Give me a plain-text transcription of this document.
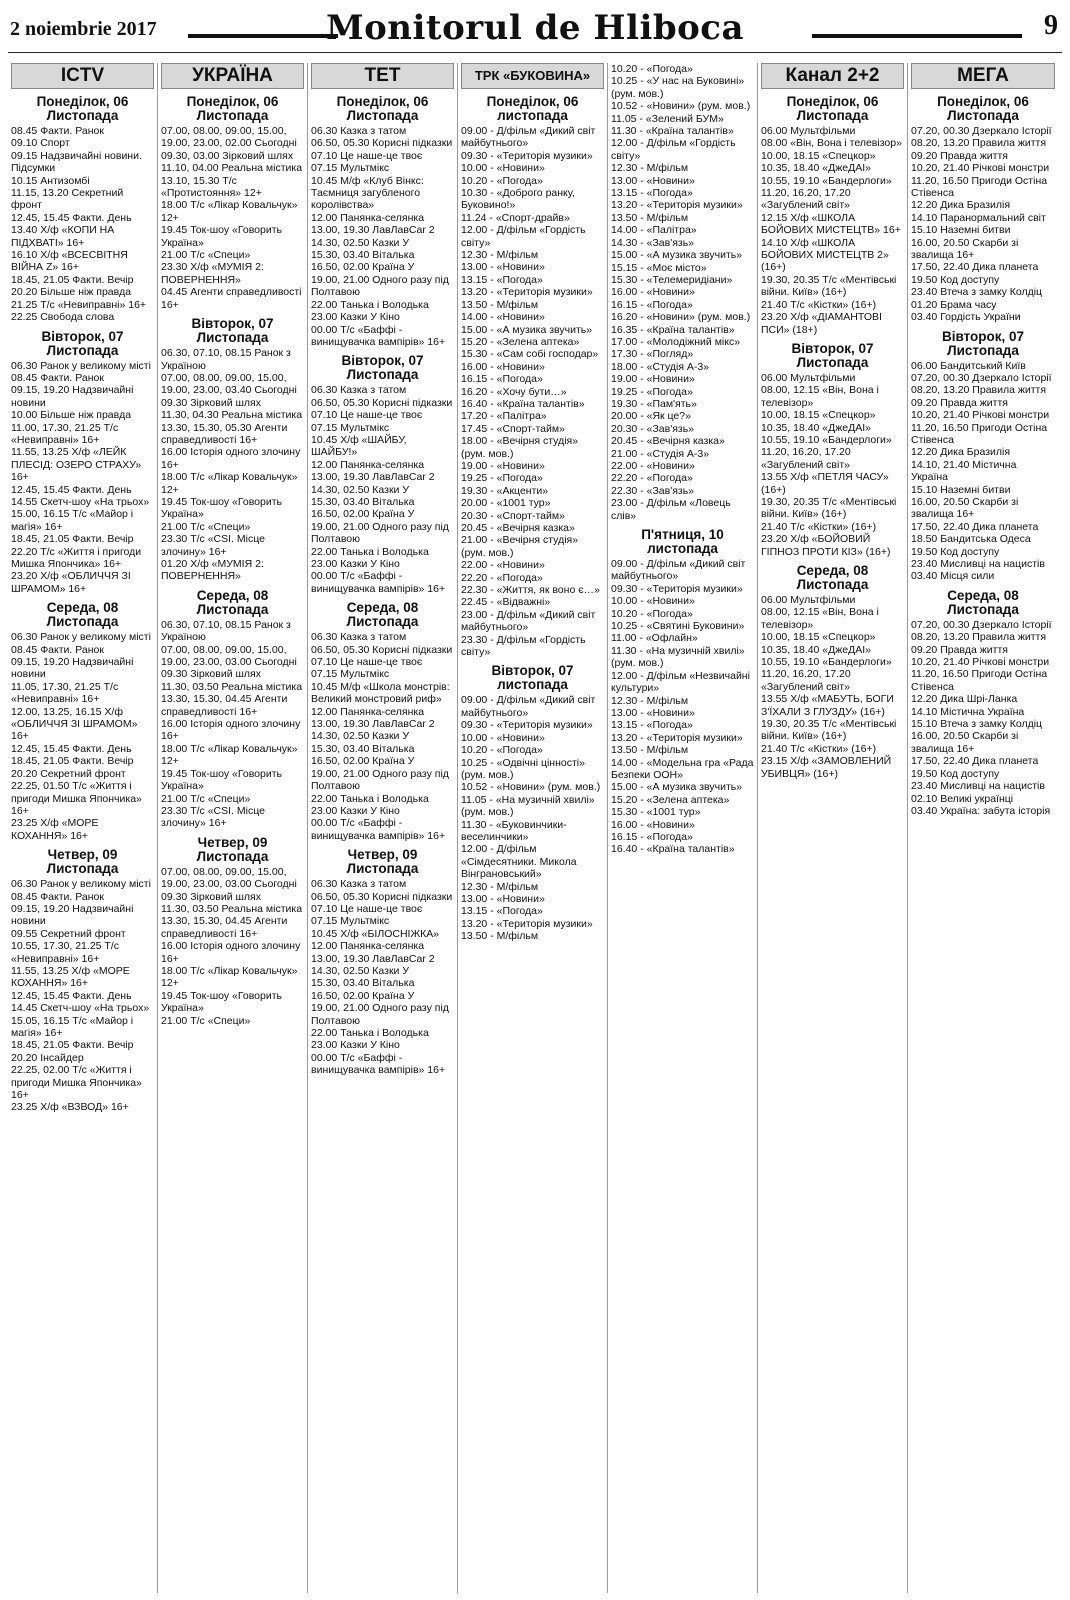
2 noiembrie 2017	Monitorul de Hliboca	9
ICTV
Понеділок, 06 Листопада

08.45 Факти. Ранок

09.10 Спорт

09.15 Надзвичайні новини. Підсумки

10.15 Антизомбі

11.15, 13.20 Секретний фронт

12.45, 15.45 Факти. День

13.40 Х/ф «КОПИ НА ПІДХВАТІ» 16+

16.10 Х/ф «ВСЕСВІТНЯ ВІЙНА Z» 16+

18.45, 21.05 Факти. Вечір

20.20 Більше ніж правда

21.25 Т/с «Невиправні» 16+

22.25 Свобода слова

Вівторок, 07 Листопада

06.30 Ранок у великому місті

08.45 Факти. Ранок

09.15, 19.20 Надзвичайні новини

10.00 Більше ніж правда

11.00, 17.30, 21.25 Т/с «Невиправні» 16+

11.55, 13.25 Х/ф «ЛЕЙК ПЛЕСІД: ОЗЕРО СТРАХУ» 16+

12.45, 15.45 Факти. День

14.55 Скетч-шоу «На трьох»

15.00, 16.15 Т/с «Майор і магія» 16+

18.45, 21.05 Факти. Вечір

22.20 Т/с «Життя і пригоди Мишка Япончика» 16+

23.20 Х/ф «ОБЛИЧЧЯ ЗІ ШРАМОМ» 16+

Середа, 08 Листопада

06.30 Ранок у великому місті

08.45 Факти. Ранок

09.15, 19.20 Надзвичайні новини

11.05, 17.30, 21.25 Т/с «Невиправні» 16+

12.00, 13.25, 16.15 Х/ф «ОБЛИЧЧЯ ЗІ ШРАМОМ» 16+

12.45, 15.45 Факти. День

18.45, 21.05 Факти. Вечір

20.20 Секретний фронт

22.25, 01.50 Т/с «Життя і пригоди Мишка Япончика» 16+

23.25 Х/ф «МОРЕ КОХАННЯ» 16+

Четвер, 09 Листопада

06.30 Ранок у великому місті

08.45 Факти. Ранок

09.15, 19.20 Надзвичайні новини

09.55 Секретний фронт

10.55, 17.30, 21.25 Т/с «Невиправні» 16+

11.55, 13.25 Х/ф «МОРЕ КОХАННЯ» 16+

12.45, 15.45 Факти. День

14.45 Скетч-шоу «На трьох»

15.05, 16.15 Т/с «Майор і магія» 16+

18.45, 21.05 Факти. Вечір

20.20 Інсайдер

22.25, 02.00 Т/с «Життя і пригоди Мишка Япончика» 16+

23.25 Х/ф «ВЗВОД» 16+

УКРАЇНА
Понеділок, 06 Листопада

07.00, 08.00, 09.00, 15.00, 19.00, 23.00, 02.00 Сьогодні

09.30, 03.00 Зірковий шлях

11.10, 04.00 Реальна містика

13.10, 15.30 Т/с «Протистояння» 12+

18.00 Т/с «Лікар Ковальчук» 12+

19.45 Ток-шоу «Говорить Україна»

21.00 Т/с «Специ»

23.30 Х/ф «МУМІЯ 2: ПОВЕРНЕННЯ»

04.45 Агенти справедливості 16+

Вівторок, 07 Листопада

06.30, 07.10, 08.15 Ранок з Україною

07.00, 08.00, 09.00, 15.00, 19.00, 23.00, 03.40 Сьогодні

09.30 Зірковий шлях

11.30, 04.30 Реальна містика

13.30, 15.30, 05.30 Агенти справедливості 16+

16.00 Історія одного злочину 16+

18.00 Т/с «Лікар Ковальчук» 12+

19.45 Ток-шоу «Говорить Україна»

21.00 Т/с «Специ»

23.30 Т/с «CSI. Місце злочину» 16+

01.20 Х/ф «МУМІЯ 2: ПОВЕРНЕННЯ»

Середа, 08 Листопада

06.30, 07.10, 08.15 Ранок з Україною

07.00, 08.00, 09.00, 15.00, 19.00, 23.00, 03.00 Сьогодні

09.30 Зірковий шлях

11.30, 03.50 Реальна містика

13.30, 15.30, 04.45 Агенти справедливості 16+

16.00 Історія одного злочину 16+

18.00 Т/с «Лікар Ковальчук» 12+

19.45 Ток-шоу «Говорить Україна»

21.00 Т/с «Специ»

23.30 Т/с «CSI. Місце злочину» 16+

Четвер, 09 Листопада

07.00, 08.00, 09.00, 15.00, 19.00, 23.00, 03.00 Сьогодні

09.30 Зірковий шлях

11.30, 03.50 Реальна містика

13.30, 15.30, 04.45 Агенти справедливості 16+

16.00 Історія одного злочину 16+

18.00 Т/с «Лікар Ковальчук» 12+

19.45 Ток-шоу «Говорить Україна»

21.00 Т/с «Специ»

ТЕТ
Понеділок, 06 Листопада

06.30 Казка з татом

06.50, 05.30 Корисні підказки

07.10 Це наше-це твоє

07.15 Мультмікс

10.45 М/ф «Клуб Вінкс: Таємниця загубленого королівства»

12.00 Панянка-селянка

13.00, 19.30 ЛавЛавCar 2

14.30, 02.50 Казки У

15.30, 03.40 Віталька

16.50, 02.00 Країна У

19.00, 21.00 Одного разу під Полтавою

22.00 Танька і Володька

23.00 Казки У Кіно

00.00 Т/с «Баффі - винищувачка вампірів» 16+

Вівторок, 07 Листопада

06.30 Казка з татом

06.50, 05.30 Корисні підказки

07.10 Це наше-це твоє

07.15 Мультмікс

10.45 Х/ф «ШАЙБУ, ШАЙБУ!»

12.00 Панянка-селянка

13.00, 19.30 ЛавЛавCar 2

14.30, 02.50 Казки У

15.30, 03.40 Віталька

16.50, 02.00 Країна У

19.00, 21.00 Одного разу під Полтавою

22.00 Танька і Володька

23.00 Казки У Кіно

00.00 Т/с «Баффі - винищувачка вампірів» 16+

Середа, 08 Листопада

06.30 Казка з татом

06.50, 05.30 Корисні підказки

07.10 Це наше-це твоє

07.15 Мультмікс

10.45 М/ф «Школа монстрів: Великий монстровий риф»

12.00 Панянка-селянка

13.00, 19.30 ЛавЛавCar 2

14.30, 02.50 Казки У

15.30, 03.40 Віталька

16.50, 02.00 Країна У

19.00, 21.00 Одного разу під Полтавою

22.00 Танька і Володька

23.00 Казки У Кіно

00.00 Т/с «Баффі - винищувачка вампірів» 16+

Четвер, 09 Листопада

06.30 Казка з татом

06.50, 05.30 Корисні підказки

07.10 Це наше-це твоє

07.15 Мультмікс

10.45 Х/ф «БІЛОСНІЖКА»

12.00 Панянка-селянка

13.00, 19.30 ЛавЛавCar 2

14.30, 02.50 Казки У

15.30, 03.40 Віталька

16.50, 02.00 Країна У

19.00, 21.00 Одного разу під Полтавою

22.00 Танька і Володька

23.00 Казки У Кіно

00.00 Т/с «Баффі - винищувачка вампірів» 16+

ТРК «БУКОВИНА»
Понеділок, 06 листопада

09.00 - Д/фільм «Дикий світ майбутнього»

09.30 - «Територія музики»

10.00 - «Новини»

10.20 - «Погода»

10.30 - «Доброго ранку, Буковино!»

11.24 - «Спорт-драйв»

12.00 - Д/фільм «Гордість світу»

12.30 - М/фільм

13.00 - «Новини»

13.15 - «Погода»

13.20 - «Територія музики»

13.50 - М/фільм

14.00 - «Новини»

15.00 - «А музика звучить»

15.20 - «Зелена аптека»

15.30 - «Сам собі господар»

16.00 - «Новини»

16.15 - «Погода»

16.20 - «Хочу бути…»

16.40 - «Країна талантів»

17.20 - «Палітра»

17.45 - «Спорт-тайм»

18.00 - «Вечірня студія» (рум. мов.)

19.00 - «Новини»

19.25 - «Погода»

19.30 - «Акценти»

20.00 - «1001 тур»

20.30 - «Спорт-тайм»

20.45 - «Вечірня казка»

21.00 - «Вечірня студія» (рум. мов.)

22.00 - «Новини»

22.20 - «Погода»

22.30 - «Життя, як воно є…»

22.45 - «Відважні»

23.00 - Д/фільм «Дикий світ майбутнього»

23.30 - Д/фільм «Гордість світу»

Вівторок, 07 листопада

09.00 - Д/фільм «Дикий світ майбутнього»

09.30 - «Територія музики»

10.00 - «Новини»

10.20 - «Погода»

10.25 - «Одвічні цінності» (рум. мов.)

10.52 - «Новини» (рум. мов.)

11.05 - «На музичній хвилі» (рум. мов.)

11.30 - «Буковинчики-веселинчики»

12.00 - Д/фільм «Сімдесятники. Микола Вінграновський»

12.30 - М/фільм

13.00 - «Новини»

13.15 - «Погода»

13.20 - «Територія музики»

13.50 - М/фільм

10.20 - «Погода»

10.25 - «У нас на Буковині» (рум. мов.)

10.52 - «Новини» (рум. мов.)

11.05 - «Зелений БУМ»

11.30 - «Країна талантів»

12.00 - Д/фільм «Гордість світу»

12.30 - М/фільм

13.00 - «Новини»

13.15 - «Погода»

13.20 - «Територія музики»

13.50 - М/фільм

14.00 - «Палітра»

14.30 - «Зав'язь»

15.00 - «А музика звучить»

15.15 - «Моє місто»

15.30 - «Телемеридіани»

16.00 - «Новини»

16.15 - «Погода»

16.20 - «Новини» (рум. мов.)

16.35 - «Країна талантів»

17.00 - «Молодіжний мікс»

17.30 - «Погляд»

18.00 - «Студія А-3»

19.00 - «Новини»

19.25 - «Погода»

19.30 - «Пам'ять»

20.00 - «Як це?»

20.30 - «Зав'язь»

20.45 - «Вечірня казка»

21.00 - «Студія А-3»

22.00 - «Новини»

22.20 - «Погода»

22.30 - «Зав'язь»

23.00 - Д/фільм «Ловець слів»

П'ятниця, 10 листопада

09.00 - Д/фільм «Дикий світ майбутнього»

09.30 - «Територія музики»

10.00 - «Новини»

10.20 - «Погода»

10.25 - «Святині Буковини»

11.00 - «Офлайн»

11.30 - «На музичній хвилі» (рум. мов.)

12.00 - Д/фільм «Незвичайні культури»

12.30 - М/фільм

13.00 - «Новини»

13.15 - «Погода»

13.20 - «Територія музики»

13.50 - М/фільм

14.00 - «Модельна гра «Рада Безпеки ООН»

15.00 - «А музика звучить»

15.20 - «Зелена аптека»

15.30 - «1001 тур»

16.00 - «Новини»

16.15 - «Погода»

16.40 - «Країна талантів»

Канал 2+2
Понеділок, 06 Листопада

06.00 Мультфільми

08.00 «Він, Вона і телевізор»

10.00, 18.15 «Спецкор»

10.35, 18.40 «ДжеДАІ»

10.55, 19.10 «Бандерлоги»

11.20, 16.20, 17.20 «Загублений світ»

12.15 Х/ф «ШКОЛА БОЙОВИХ МИСТЕЦТВ» 16+

14.10 Х/ф «ШКОЛА БОЙОВИХ МИСТЕЦТВ 2» (16+)

19.30, 20.35 Т/с «Ментівські війни. Київ» (16+)

21.40 Т/с «Кістки» (16+)

23.20 Х/ф «ДІАМАНТОВІ ПСИ» (18+)

Вівторок, 07 Листопада

06.00 Мультфільми

08.00, 12.15 «Він, Вона і телевізор»

10.00, 18.15 «Спецкор»

10.35, 18.40 «ДжеДАІ»

10.55, 19.10 «Бандерлоги»

11.20, 16.20, 17.20 «Загублений світ»

13.55 Х/ф «ПЕТЛЯ ЧАСУ» (16+)

19.30, 20.35 Т/с «Ментівські війни. Київ» (16+)

21.40 Т/с «Кістки» (16+)

23.20 Х/ф «БОЙОВИЙ ГІПНОЗ ПРОТИ КІЗ» (16+)

Середа, 08 Листопада

06.00 Мультфільми

08.00, 12.15 «Він, Вона і телевізор»

10.00, 18.15 «Спецкор»

10.35, 18.40 «ДжеДАІ»

10.55, 19.10 «Бандерлоги»

11.20, 16.20, 17.20 «Загублений світ»

13.55 Х/ф «МАБУТЬ, БОГИ З'ЇХАЛИ З ГЛУЗДУ» (16+)

19.30, 20.35 Т/с «Ментівські війни. Київ» (16+)

21.40 Т/с «Кістки» (16+)

23.15 Х/ф «ЗАМОВЛЕНИЙ УБИВЦЯ» (16+)

МЕГА
Понеділок, 06 Листопада

07.20, 00.30 Дзеркало Історії

08.20, 13.20 Правила життя

09.20 Правда життя

10.20, 21.40 Річкові монстри

11.20, 16.50 Пригоди Остіна Стівенса

12.20 Дика Бразилія

14.10 Паранормальний світ

15.10 Наземні битви

16.00, 20.50 Скарби зі звалища 16+

17.50, 22.40 Дика планета

19.50 Код доступу

23.40 Втеча з замку Колдіц

01.20 Брама часу

03.40 Гордість України

Вівторок, 07 Листопада

06.00 Бандитський Київ

07.20, 00.30 Дзеркало Історії

08.20, 13.20 Правила життя

09.20 Правда життя

10.20, 21.40 Річкові монстри

11.20, 16.50 Пригоди Остіна Стівенса

12.20 Дика Бразилія

14.10, 21.40 Містична Україна

15.10 Наземні битви

16.00, 20.50 Скарби зі звалища 16+

17.50, 22.40 Дика планета

18.50 Бандитська Одеса

19.50 Код доступу

23.40 Мисливці на нацистів

03.40 Місця сили

Середа, 08 Листопада

07.20, 00.30 Дзеркало Історії

08.20, 13.20 Правила життя

09.20 Правда життя

10.20, 21.40 Річкові монстри

11.20, 16.50 Пригоди Остіна Стівенса

12.20 Дика Шрі-Ланка

14.10 Містична Україна

15.10 Втеча з замку Колдіц

16.00, 20.50 Скарби зі звалища 16+

17.50, 22.40 Дика планета

19.50 Код доступу

23.40 Мисливці на нацистів

02.10 Великі українці

03.40 Україна: забута історія
